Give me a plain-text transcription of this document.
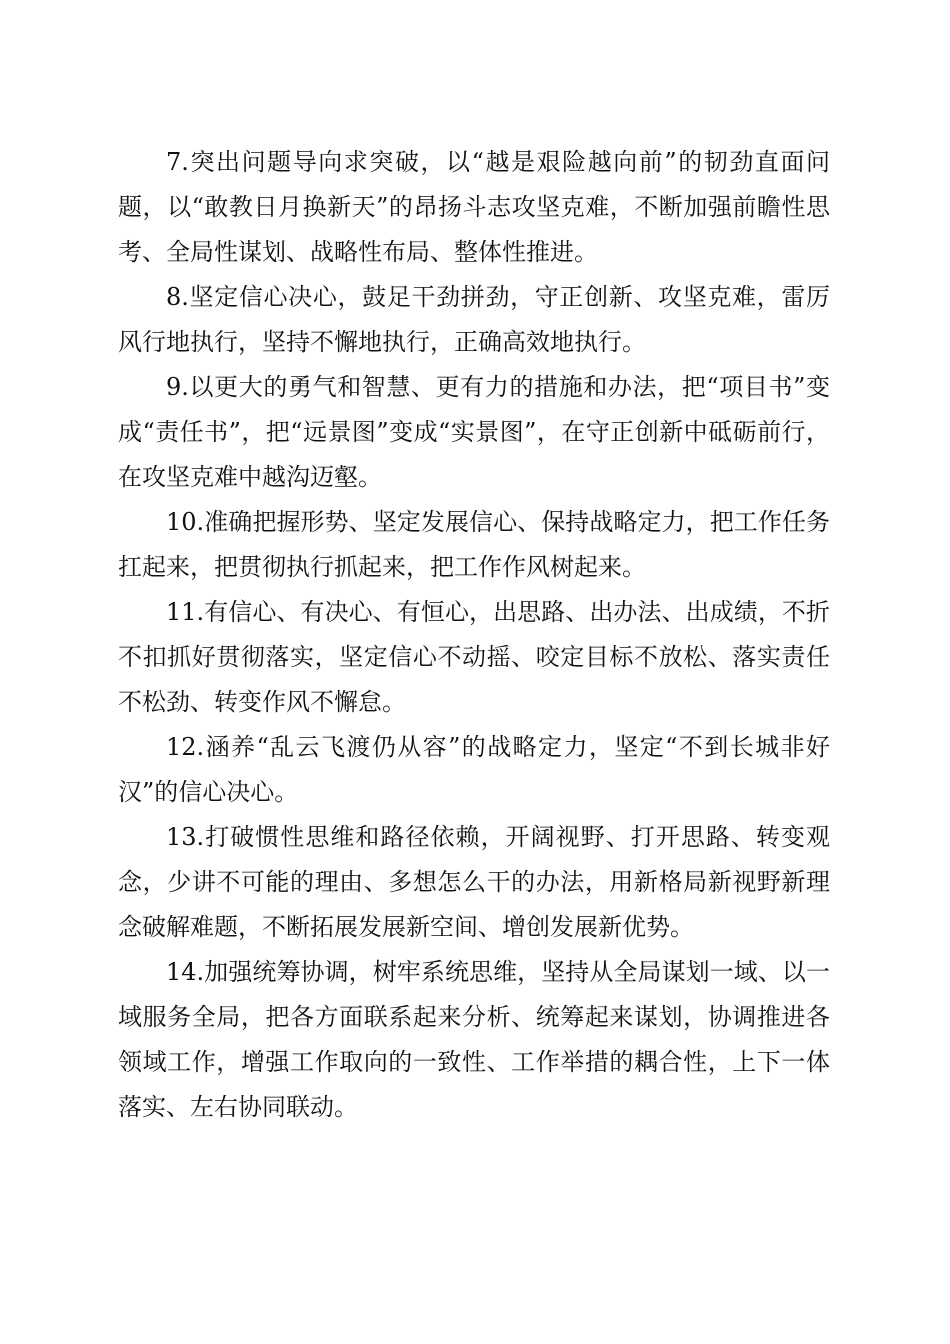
7.突出问题导向求突破，以“越是艰险越向前”的韧劲直面问题，以“敢教日月换新天”的昂扬斗志攻坚克难，不断加强前瞻性思考、全局性谋划、战略性布局、整体性推进。

8.坚定信心决心，鼓足干劲拼劲，守正创新、攻坚克难，雷厉风行地执行，坚持不懈地执行，正确高效地执行。

9.以更大的勇气和智慧、更有力的措施和办法，把“项目书”变成“责任书”，把“远景图”变成“实景图”，在守正创新中砥砺前行，在攻坚克难中越沟迈壑。

10.准确把握形势、坚定发展信心、保持战略定力，把工作任务扛起来，把贯彻执行抓起来，把工作作风树起来。

11.有信心、有决心、有恒心，出思路、出办法、出成绩，不折不扣抓好贯彻落实，坚定信心不动摇、咬定目标不放松、落实责任不松劲、转变作风不懈怠。

12.涵养“乱云飞渡仍从容”的战略定力，坚定“不到长城非好汉”的信心决心。

13.打破惯性思维和路径依赖，开阔视野、打开思路、转变观念，少讲不可能的理由、多想怎么干的办法，用新格局新视野新理念破解难题，不断拓展发展新空间、增创发展新优势。

14.加强统筹协调，树牢系统思维，坚持从全局谋划一域、以一域服务全局，把各方面联系起来分析、统筹起来谋划，协调推进各领域工作，增强工作取向的一致性、工作举措的耦合性，上下一体落实、左右协同联动。
